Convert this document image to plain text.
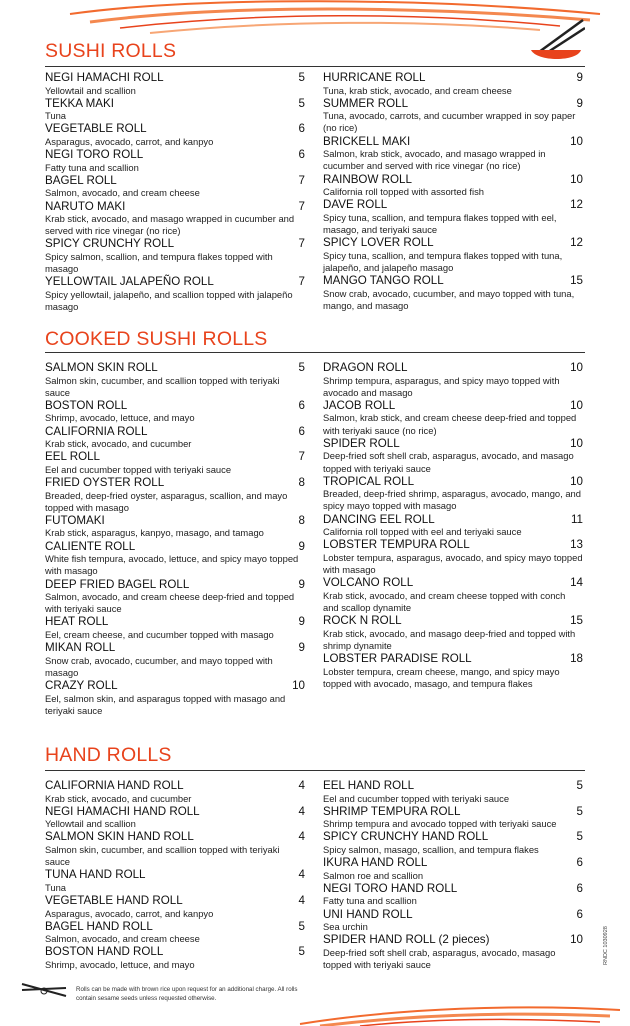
SUSHI ROLLS
NEGI HAMACHI ROLL	5
Yellowtail and scallion
TEKKA MAKI	5
Tuna
VEGETABLE ROLL	6
Asparagus, avocado, carrot, and kanpyo
NEGI TORO ROLL	6
Fatty tuna and scallion
BAGEL ROLL	7
Salmon, avocado, and cream cheese
NARUTO MAKI	7
Krab stick, avocado, and masago wrapped in cucumber and served with rice vinegar (no rice)
SPICY CRUNCHY ROLL	7
Spicy salmon, scallion, and tempura flakes topped with masago
YELLOWTAIL JALAPEÑO ROLL	7
Spicy yellowtail, jalapeño, and scallion topped with jalapeño masago
HURRICANE ROLL	9
Tuna, krab stick, avocado, and cream cheese
SUMMER ROLL	9
Tuna, avocado, carrots, and cucumber wrapped in soy paper (no rice)
BRICKELL MAKI	10
Salmon, krab stick, avocado, and masago wrapped in cucumber and served with rice vinegar (no rice)
RAINBOW ROLL	10
California roll topped with assorted fish
DAVE ROLL	12
Spicy tuna, scallion, and tempura flakes topped with eel, masago, and teriyaki sauce
SPICY LOVER ROLL	12
Spicy tuna, scallion, and tempura flakes topped with tuna, jalapeño, and jalapeño masago
MANGO TANGO ROLL	15
Snow crab, avocado, cucumber, and mayo topped with tuna, mango, and masago
COOKED SUSHI ROLLS
SALMON SKIN ROLL	5
Salmon skin, cucumber, and scallion topped with teriyaki sauce
BOSTON ROLL	6
Shrimp, avocado, lettuce, and mayo
CALIFORNIA ROLL	6
Krab stick, avocado, and cucumber
EEL ROLL	7
Eel and cucumber topped with teriyaki sauce
FRIED OYSTER ROLL	8
Breaded, deep-fried oyster, asparagus, scallion, and mayo topped with masago
FUTOMAKI	8
Krab stick, asparagus, kanpyo, masago, and tamago
CALIENTE ROLL	9
White fish tempura, avocado, lettuce, and spicy mayo topped with masago
DEEP FRIED BAGEL ROLL	9
Salmon, avocado, and cream cheese deep-fried and topped with teriyaki sauce
HEAT ROLL	9
Eel, cream cheese, and cucumber topped with masago
MIKAN ROLL	9
Snow crab, avocado, cucumber, and mayo topped with masago
CRAZY ROLL	10
Eel, salmon skin, and asparagus topped with masago and teriyaki sauce
DRAGON ROLL	10
Shrimp tempura, asparagus, and spicy mayo topped with avocado and masago
JACOB ROLL	10
Salmon, krab stick, and cream cheese deep-fried and topped with teriyaki sauce (no rice)
SPIDER ROLL	10
Deep-fried soft shell crab, asparagus, avocado, and masago topped with teriyaki sauce
TROPICAL ROLL	10
Breaded, deep-fried shrimp, asparagus, avocado, mango, and spicy mayo topped with masago
DANCING EEL ROLL	11
California roll topped with eel and teriyaki sauce
LOBSTER TEMPURA ROLL	13
Lobster tempura, asparagus, avocado, and spicy mayo topped with masago
VOLCANO ROLL	14
Krab stick, avocado, and cream cheese topped with conch and scallop dynamite
ROCK N ROLL	15
Krab stick, avocado, and masago deep-fried and topped with shrimp dynamite
LOBSTER PARADISE ROLL	18
Lobster tempura, cream cheese, mango, and spicy mayo topped with avocado, masago, and tempura flakes
HAND ROLLS
CALIFORNIA HAND ROLL	4
Krab stick, avocado, and cucumber
NEGI HAMACHI HAND ROLL	4
Yellowtail and scallion
SALMON SKIN HAND ROLL	4
Salmon skin, cucumber, and scallion topped with teriyaki sauce
TUNA HAND ROLL	4
Tuna
VEGETABLE HAND ROLL	4
Asparagus, avocado, carrot, and kanpyo
BAGEL HAND ROLL	5
Salmon, avocado, and cream cheese
BOSTON HAND ROLL	5
Shrimp, avocado, lettuce, and mayo
EEL HAND ROLL	5
Eel and cucumber topped with teriyaki sauce
SHRIMP TEMPURA ROLL	5
Shrimp tempura and avocado topped with teriyaki sauce
SPICY CRUNCHY HAND ROLL	5
Spicy salmon, masago, scallion, and tempura flakes
IKURA HAND ROLL	6
Salmon roe and scallion
NEGI TORO HAND ROLL	6
Fatty tuna and scallion
UNI HAND ROLL	6
Sea urchin
SPIDER HAND ROLL (2 pieces)	10
Deep-fried soft shell crab, asparagus, avocado, masago topped with teriyaki sauce
Rolls can be made with brown rice upon request for an additional charge. All rolls contain sesame seeds unless requested otherwise.
RNDC 1030928
